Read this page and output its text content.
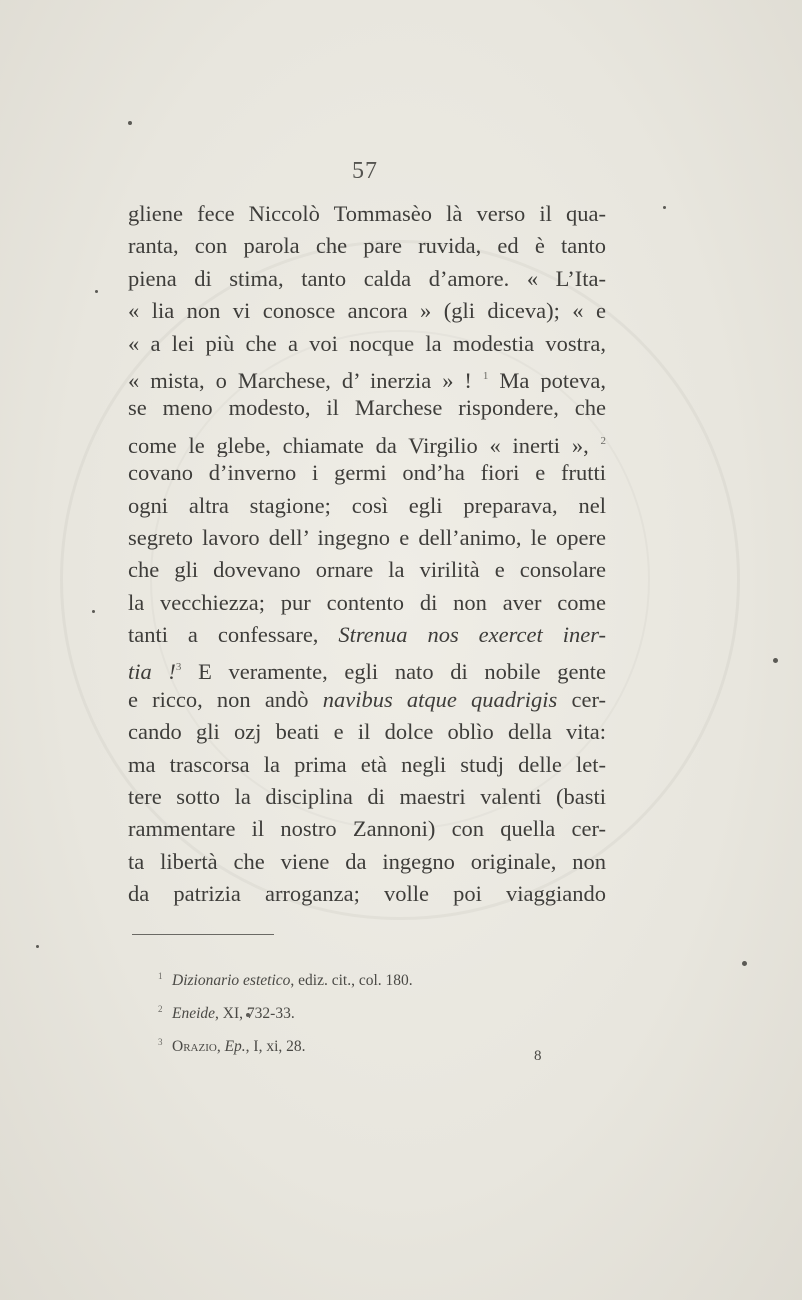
57
gliene fece Niccolò Tommasèo là verso il qua-
ranta, con parola che pare ruvida, ed è tanto
piena di stima, tanto calda d’amore. « L’Ita-
« lia non vi conosce ancora » (gli diceva); « e
« a lei più che a voi nocque la modestia vostra,
« mista, o Marchese, d’ inerzia » ! $^1$ Ma poteva,
se meno modesto, il Marchese rispondere, che
come le glebe, chiamate da Virgilio « inerti », $^2$
covano d’inverno i germi ond’ha fiori e frutti
ogni altra stagione; così egli preparava, nel
segreto lavoro dell’ ingegno e dell’animo, le opere
che gli dovevano ornare la virilità e consolare
la vecchiezza; pur contento di non aver come
tanti a confessare, Strenua nos exercet iner-
tia !$^3$ E veramente, egli nato di nobile gente
e ricco, non andò navibus atque quadrigis cer-
cando gli ozj beati e il dolce oblìo della vita:
ma trascorsa la prima età negli studj delle let-
tere sotto la disciplina di maestri valenti (basti
rammentare il nostro Zannoni) con quella cer-
ta libertà che viene da ingegno originale, non
da patrizia arroganza; volle poi viaggiando
1 Dizionario estetico, ediz. cit., col. 180.
2 Eneide, XI, 732-33.
3 Orazio, Ep., I, xi, 28.
8
